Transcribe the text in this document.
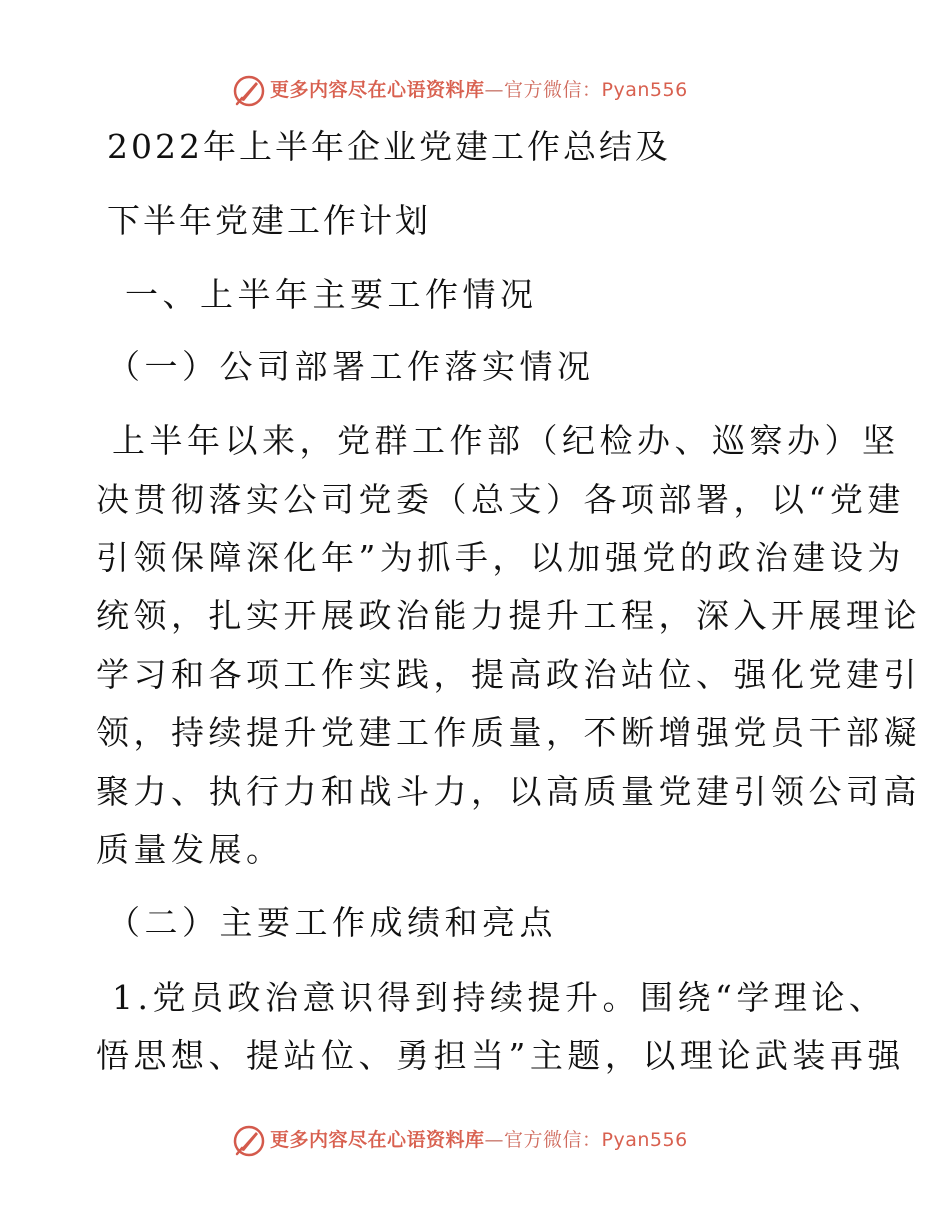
更多内容尽在心语资料库—官方微信：Pyan556
2022年上半年企业党建工作总结及
下半年党建工作计划
一、上半年主要工作情况
（一）公司部署工作落实情况
上半年以来，党群工作部（纪检办、巡察办）坚
决贯彻落实公司党委（总支）各项部署，以“党建
引领保障深化年”为抓手，以加强党的政治建设为
统领，扎实开展政治能力提升工程，深入开展理论
学习和各项工作实践，提高政治站位、强化党建引
领，持续提升党建工作质量，不断增强党员干部凝
聚力、执行力和战斗力，以高质量党建引领公司高
质量发展。
（二）主要工作成绩和亮点
1.党员政治意识得到持续提升。围绕“学理论、
悟思想、提站位、勇担当”主题，以理论武装再强
更多内容尽在心语资料库—官方微信：Pyan556
